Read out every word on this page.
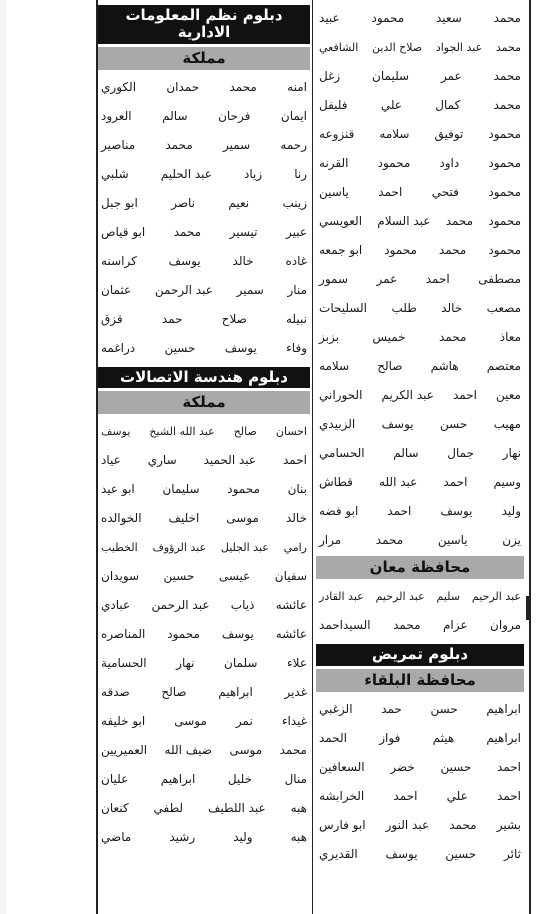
محمد
سعيد
محمود
عبيد
محمد
عبد الجواد
صلاح الدين
الشافعي
محمد
عمر
سليمان
زغل
محمد
كمال
علي
فليفل
محمود
توفيق
سلامه
قنزوعه
محمود
داود
محمود
القرنه
محمود
فتحي
احمد
ياسين
محمود
محمد
عبد السلام
العويسي
محمود
محمد
محمود
ابو جمعه
مصطفى
احمد
عمر
سمور
مصعب
خالد
طلب
السليحات
معاذ
محمد
خميس
بزبز
معتصم
هاشم
صالح
سلامه
معين
احمد
عبد الكريم
الحوراني
مهيب
حسن
يوسف
الزبيدي
نهار
جمال
سالم
الحسامي
وسيم
احمد
عبد الله
قطاش
وليد
يوسف
احمد
ابو فضه
يزن
ياسين
محمد
مرار
محافظة معان
عبد الرحيم
سليم
عبد الرحيم
عبد القادر
مروان
عزام
محمد
السيداحمد
دبلوم تمريض
محافظة البلقاء
ابراهيم
حسن
حمد
الزغبي
ابراهيم
هيثم
فواز
الحمد
احمد
حسين
خضر
السعافين
احمد
علي
احمد
الخرابشه
بشير
محمد
عبد النور
ابو فارس
ثائر
حسين
يوسف
القديري
دبلوم نظم المعلومات الادارية
مملكة
امنه
محمد
حمدان
الكوري
ايمان
فرحان
سالم
العرود
رحمه
سمير
محمد
مناصير
رنا
زياد
عبد الحليم
شلبي
زينب
نعيم
ناصر
ابو جبل
عبير
تيسير
محمد
ابو قياص
غاده
خالد
يوسف
كراسنه
منار
سمير
عبد الرحمن
عثمان
نبيله
صلاح
حمد
قزق
وفاء
يوسف
حسين
دراغمه
دبلوم هندسة الاتصالات
مملكة
احسان
صالح
عبد الله الشيخ
يوسف
احمد
عبد الحميد
ساري
عياد
بنان
محمود
سليمان
ابو عيد
خالد
موسى
اخليف
الخوالده
رامي
عبد الجليل
عبد الرؤوف
الخطيب
سفيان
عيسى
حسين
سويدان
عائشه
ذياب
عبد الرحمن
عبادي
عائشه
يوسف
محمود
المناصره
علاء
سلمان
نهار
الحسامية
غدير
ابراهيم
صالح
صدقه
غيداء
نمر
موسى
ابو خليفه
محمد
موسى
ضيف الله
العميريين
منال
خليل
ابراهيم
عليان
هبه
عبد اللطيف
لطفي
كنعان
هبه
وليد
رشيد
ماضي
